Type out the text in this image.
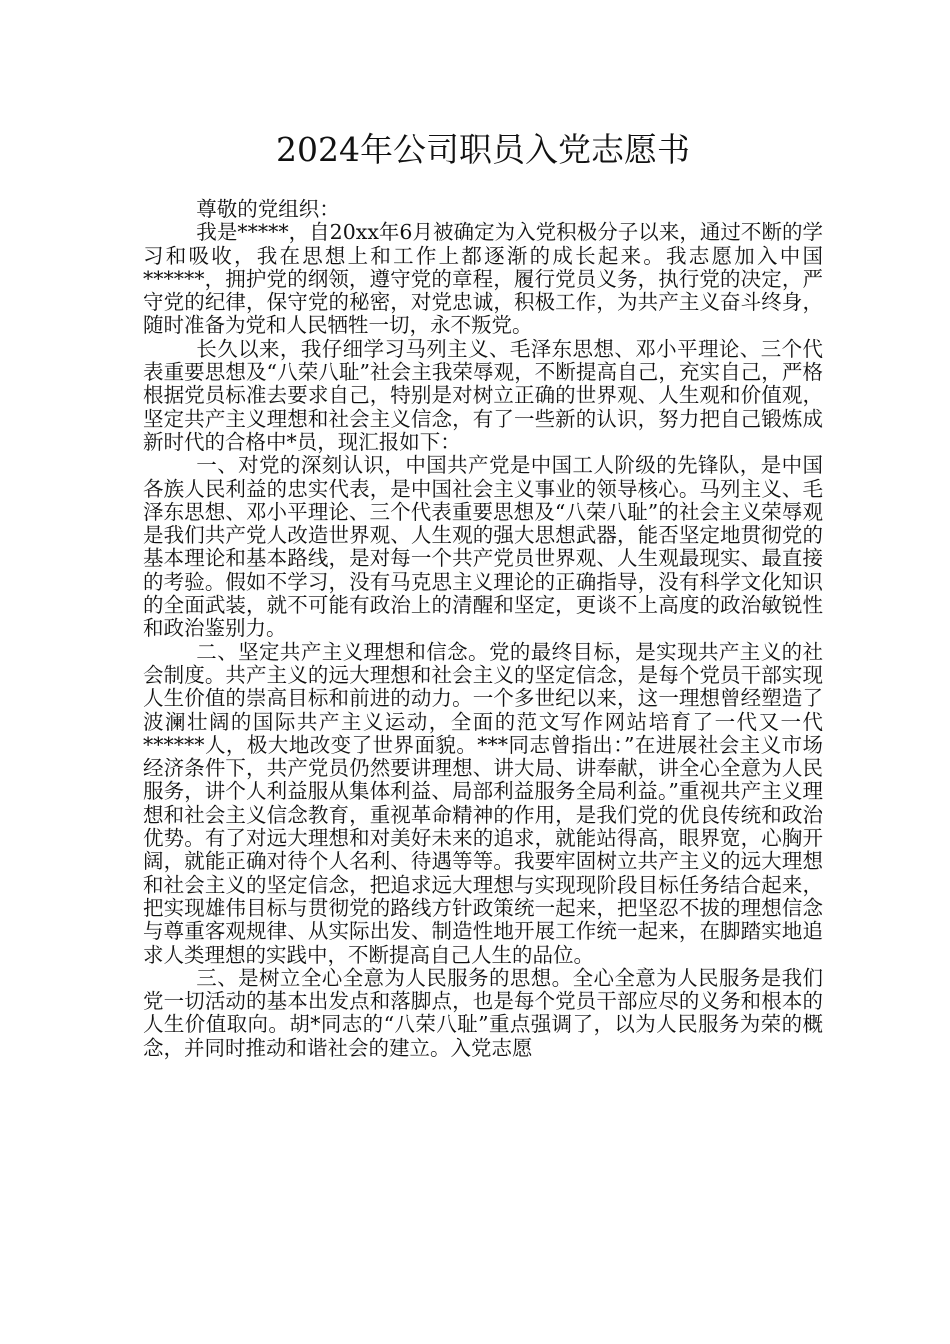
2024年公司职员入党志愿书

尊敬的党组织：

我是*****，自20xx年6月被确定为入党积极分子以来，通过不断的学习和吸收，我在思想上和工作上都逐渐的成长起来。我志愿加入中国******，拥护党的纲领，遵守党的章程，履行党员义务，执行党的决定，严守党的纪律，保守党的秘密，对党忠诚，积极工作，为共产主义奋斗终身，随时准备为党和人民牺牲一切，永不叛党。

长久以来，我仔细学习马列主义、毛泽东思想、邓小平理论、三个代表重要思想及“八荣八耻”社会主我荣辱观，不断提高自己，充实自己，严格根据党员标准去要求自己，特别是对树立正确的世界观、人生观和价值观，坚定共产主义理想和社会主义信念，有了一些新的认识，努力把自己锻炼成新时代的合格中*员，现汇报如下：

一、对党的深刻认识，中国共产党是中国工人阶级的先锋队，是中国各族人民利益的忠实代表，是中国社会主义事业的领导核心。马列主义、毛泽东思想、邓小平理论、三个代表重要思想及“八荣八耻”的社会主义荣辱观是我们共产党人改造世界观、人生观的强大思想武器，能否坚定地贯彻党的基本理论和基本路线，是对每一个共产党员世界观、人生观最现实、最直接的考验。假如不学习，没有马克思主义理论的正确指导，没有科学文化知识的全面武装，就不可能有政治上的清醒和坚定，更谈不上高度的政治敏锐性和政治鉴别力。

二、坚定共产主义理想和信念。党的最终目标，是实现共产主义的社会制度。共产主义的远大理想和社会主义的坚定信念，是每个党员干部实现人生价值的崇高目标和前进的动力。一个多世纪以来，这一理想曾经塑造了波澜壮阔的国际共产主义运动，全面的范文写作网站培育了一代又一代******人，极大地改变了世界面貌。***同志曾指出：”在进展社会主义市场经济条件下，共产党员仍然要讲理想、讲大局、讲奉献，讲全心全意为人民服务，讲个人利益服从集体利益、局部利益服务全局利益。”重视共产主义理想和社会主义信念教育，重视革命精神的作用，是我们党的优良传统和政治优势。有了对远大理想和对美好未来的追求，就能站得高，眼界宽，心胸开阔，就能正确对待个人名利、待遇等等。我要牢固树立共产主义的远大理想和社会主义的坚定信念，把追求远大理想与实现现阶段目标任务结合起来，把实现雄伟目标与贯彻党的路线方针政策统一起来，把坚忍不拔的理想信念与尊重客观规律、从实际出发、制造性地开展工作统一起来，在脚踏实地追求人类理想的实践中，不断提高自己人生的品位。

三、是树立全心全意为人民服务的思想。全心全意为人民服务是我们党一切活动的基本出发点和落脚点，也是每个党员干部应尽的义务和根本的人生价值取向。胡*同志的“八荣八耻”重点强调了，以为人民服务为荣的概念，并同时推动和谐社会的建立。入党志愿
